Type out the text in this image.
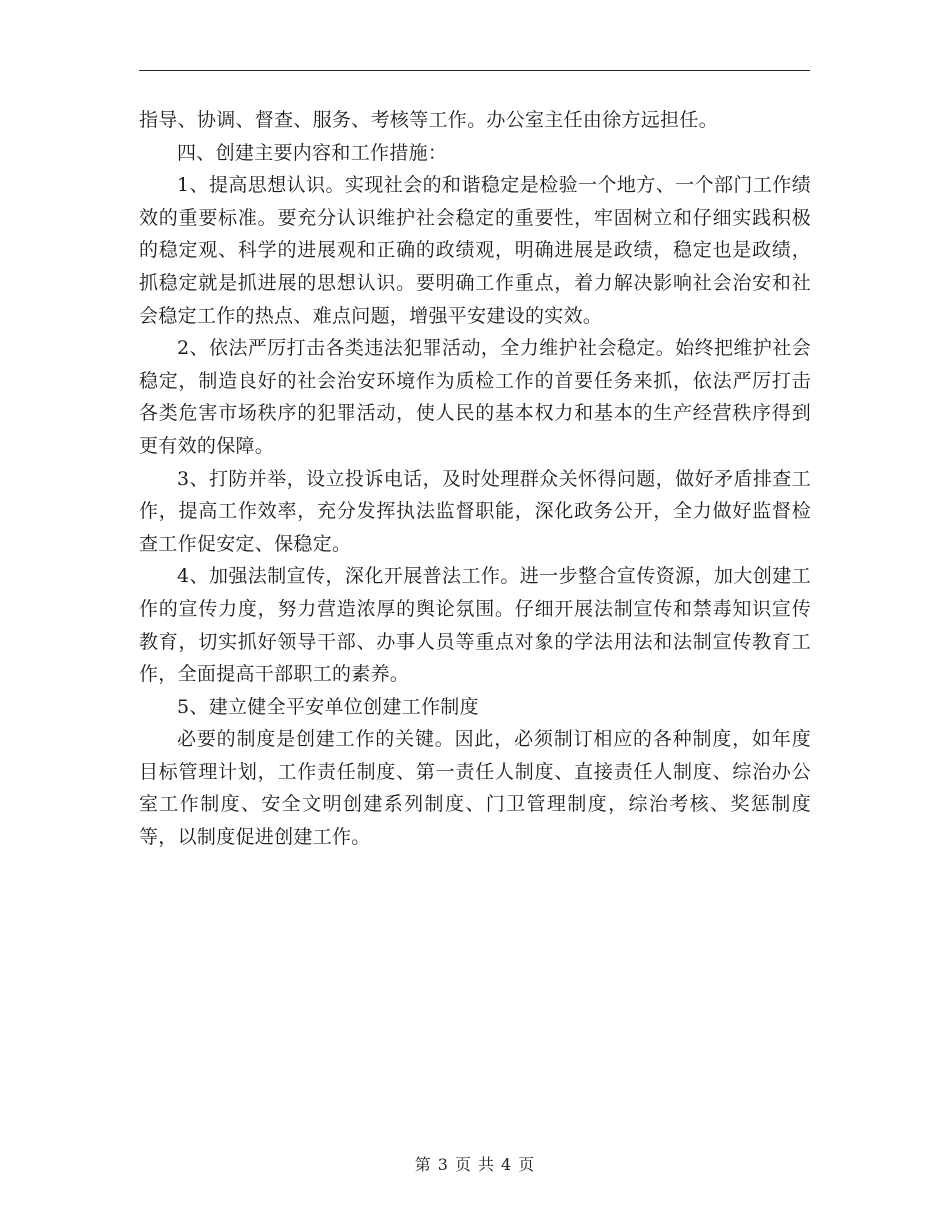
指导、协调、督查、服务、考核等工作。办公室主任由徐方远担任。

四、创建主要内容和工作措施：

1、提高思想认识。实现社会的和谐稳定是检验一个地方、一个部门工作绩效的重要标准。要充分认识维护社会稳定的重要性，牢固树立和仔细实践积极的稳定观、科学的进展观和正确的政绩观，明确进展是政绩，稳定也是政绩，抓稳定就是抓进展的思想认识。要明确工作重点，着力解决影响社会治安和社会稳定工作的热点、难点问题，增强平安建设的实效。

2、依法严厉打击各类违法犯罪活动，全力维护社会稳定。始终把维护社会稳定，制造良好的社会治安环境作为质检工作的首要任务来抓，依法严厉打击各类危害市场秩序的犯罪活动，使人民的基本权力和基本的生产经营秩序得到更有效的保障。

3、打防并举，设立投诉电话，及时处理群众关怀得问题，做好矛盾排查工作，提高工作效率，充分发挥执法监督职能，深化政务公开，全力做好监督检查工作促安定、保稳定。

4、加强法制宣传，深化开展普法工作。进一步整合宣传资源，加大创建工作的宣传力度，努力营造浓厚的舆论氛围。仔细开展法制宣传和禁毒知识宣传教育，切实抓好领导干部、办事人员等重点对象的学法用法和法制宣传教育工作，全面提高干部职工的素养。

5、建立健全平安单位创建工作制度

必要的制度是创建工作的关键。因此，必须制订相应的各种制度，如年度目标管理计划，工作责任制度、第一责任人制度、直接责任人制度、综治办公室工作制度、安全文明创建系列制度、门卫管理制度，综治考核、奖惩制度等，以制度促进创建工作。

第 3 页 共 4 页
